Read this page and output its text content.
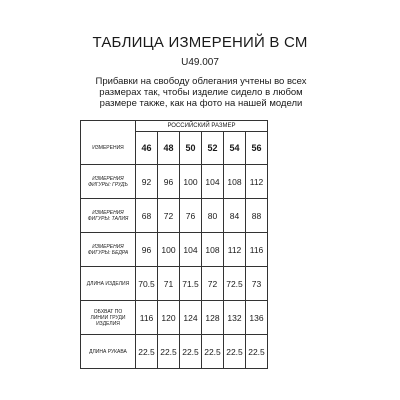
ТАБЛИЦА ИЗМЕРЕНИЙ В СМ
U49.007
Прибавки на свободу облегания учтены во всех
размерах так, чтобы изделие сидело в любом
размере также, как на фото на нашей модели
	РОССИЙСКИЙ РАЗМЕР					
ИЗМЕРЕНИЯ	46	48	50	52	54	56

ИЗМЕРЕНИЯ
ФИГУРЫ: ГРУДЬ	92	96	100	104	108	112

ИЗМЕРЕНИЯ
ФИГУРЫ: ТАЛИЯ	68	72	76	80	84	88

ИЗМЕРЕНИЯ
ФИГУРЫ: БЕДРА	96	100	104	108	112	116

ДЛИНА ИЗДЕЛИЯ	70.5	71	71.5	72	72.5	73

ОБХВАТ ПО
ЛИНИИ ГРУДИ
ИЗДЕЛИЯ	116	120	124	128	132	136

ДЛИНА РУКАВА	22.5	22.5	22.5	22.5	22.5	22.5
